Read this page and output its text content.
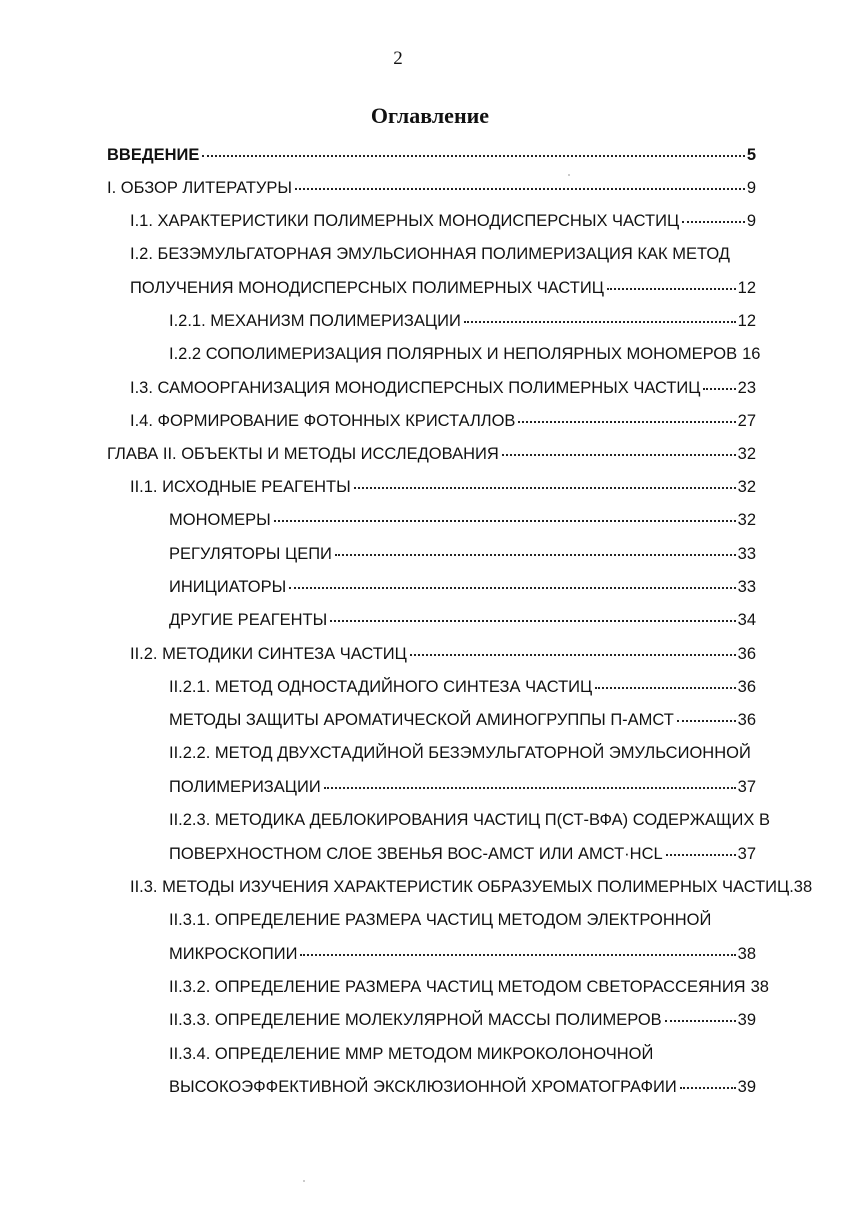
2
Оглавление
ВВЕДЕНИЕ	5
I. ОБЗОР ЛИТЕРАТУРЫ	9
I.1. ХАРАКТЕРИСТИКИ ПОЛИМЕРНЫХ МОНОДИСПЕРСНЫХ ЧАСТИЦ	9
I.2. БЕЗЭМУЛЬГАТОРНАЯ ЭМУЛЬСИОННАЯ ПОЛИМЕРИЗАЦИЯ КАК МЕТОД
ПОЛУЧЕНИЯ МОНОДИСПЕРСНЫХ ПОЛИМЕРНЫХ ЧАСТИЦ	12
I.2.1. МЕХАНИЗМ ПОЛИМЕРИЗАЦИИ	12
I.2.2 СОПОЛИМЕРИЗАЦИЯ ПОЛЯРНЫХ И НЕПОЛЯРНЫХ МОНОМЕРОВ 16
I.3. САМООРГАНИЗАЦИЯ МОНОДИСПЕРСНЫХ ПОЛИМЕРНЫХ ЧАСТИЦ 23
I.4. ФОРМИРОВАНИЕ ФОТОННЫХ КРИСТАЛЛОВ	27
ГЛАВА II. ОБЪЕКТЫ И МЕТОДЫ ИССЛЕДОВАНИЯ	32
II.1. ИСХОДНЫЕ РЕАГЕНТЫ	32
МОНОМЕРЫ	32
РЕГУЛЯТОРЫ ЦЕПИ	33
ИНИЦИАТОРЫ	33
ДРУГИЕ РЕАГЕНТЫ	34
II.2. МЕТОДИКИ СИНТЕЗА ЧАСТИЦ	36
II.2.1. МЕТОД ОДНОСТАДИЙНОГО СИНТЕЗА ЧАСТИЦ	36
МЕТОДЫ ЗАЩИТЫ АРОМАТИЧЕСКОЙ АМИНОГРУППЫ П-АМСТ	36
II.2.2. МЕТОД ДВУХСТАДИЙНОЙ БЕЗЭМУЛЬГАТОРНОЙ ЭМУЛЬСИОННОЙ
ПОЛИМЕРИЗАЦИИ	37
II.2.3. МЕТОДИКА ДЕБЛОКИРОВАНИЯ ЧАСТИЦ П(СТ-ВФА) СОДЕРЖАЩИХ В
ПОВЕРХНОСТНОМ СЛОЕ ЗВЕНЬЯ ВОС-АМСТ ИЛИ АМСТ·HCL	37
II.3. МЕТОДЫ ИЗУЧЕНИЯ ХАРАКТЕРИСТИК ОБРАЗУЕМЫХ ПОЛИМЕРНЫХ ЧАСТИЦ .38
II.3.1. ОПРЕДЕЛЕНИЕ РАЗМЕРА ЧАСТИЦ МЕТОДОМ ЭЛЕКТРОННОЙ
МИКРОСКОПИИ	38
II.3.2. ОПРЕДЕЛЕНИЕ РАЗМЕРА ЧАСТИЦ МЕТОДОМ СВЕТОРАССЕЯНИЯ 38
II.3.3. ОПРЕДЕЛЕНИЕ МОЛЕКУЛЯРНОЙ МАССЫ ПОЛИМЕРОВ	39
II.3.4. ОПРЕДЕЛЕНИЕ ММР МЕТОДОМ МИКРОКОЛОНОЧНОЙ
ВЫСОКОЭФФЕКТИВНОЙ ЭКСКЛЮЗИОННОЙ ХРОМАТОГРАФИИ	39
